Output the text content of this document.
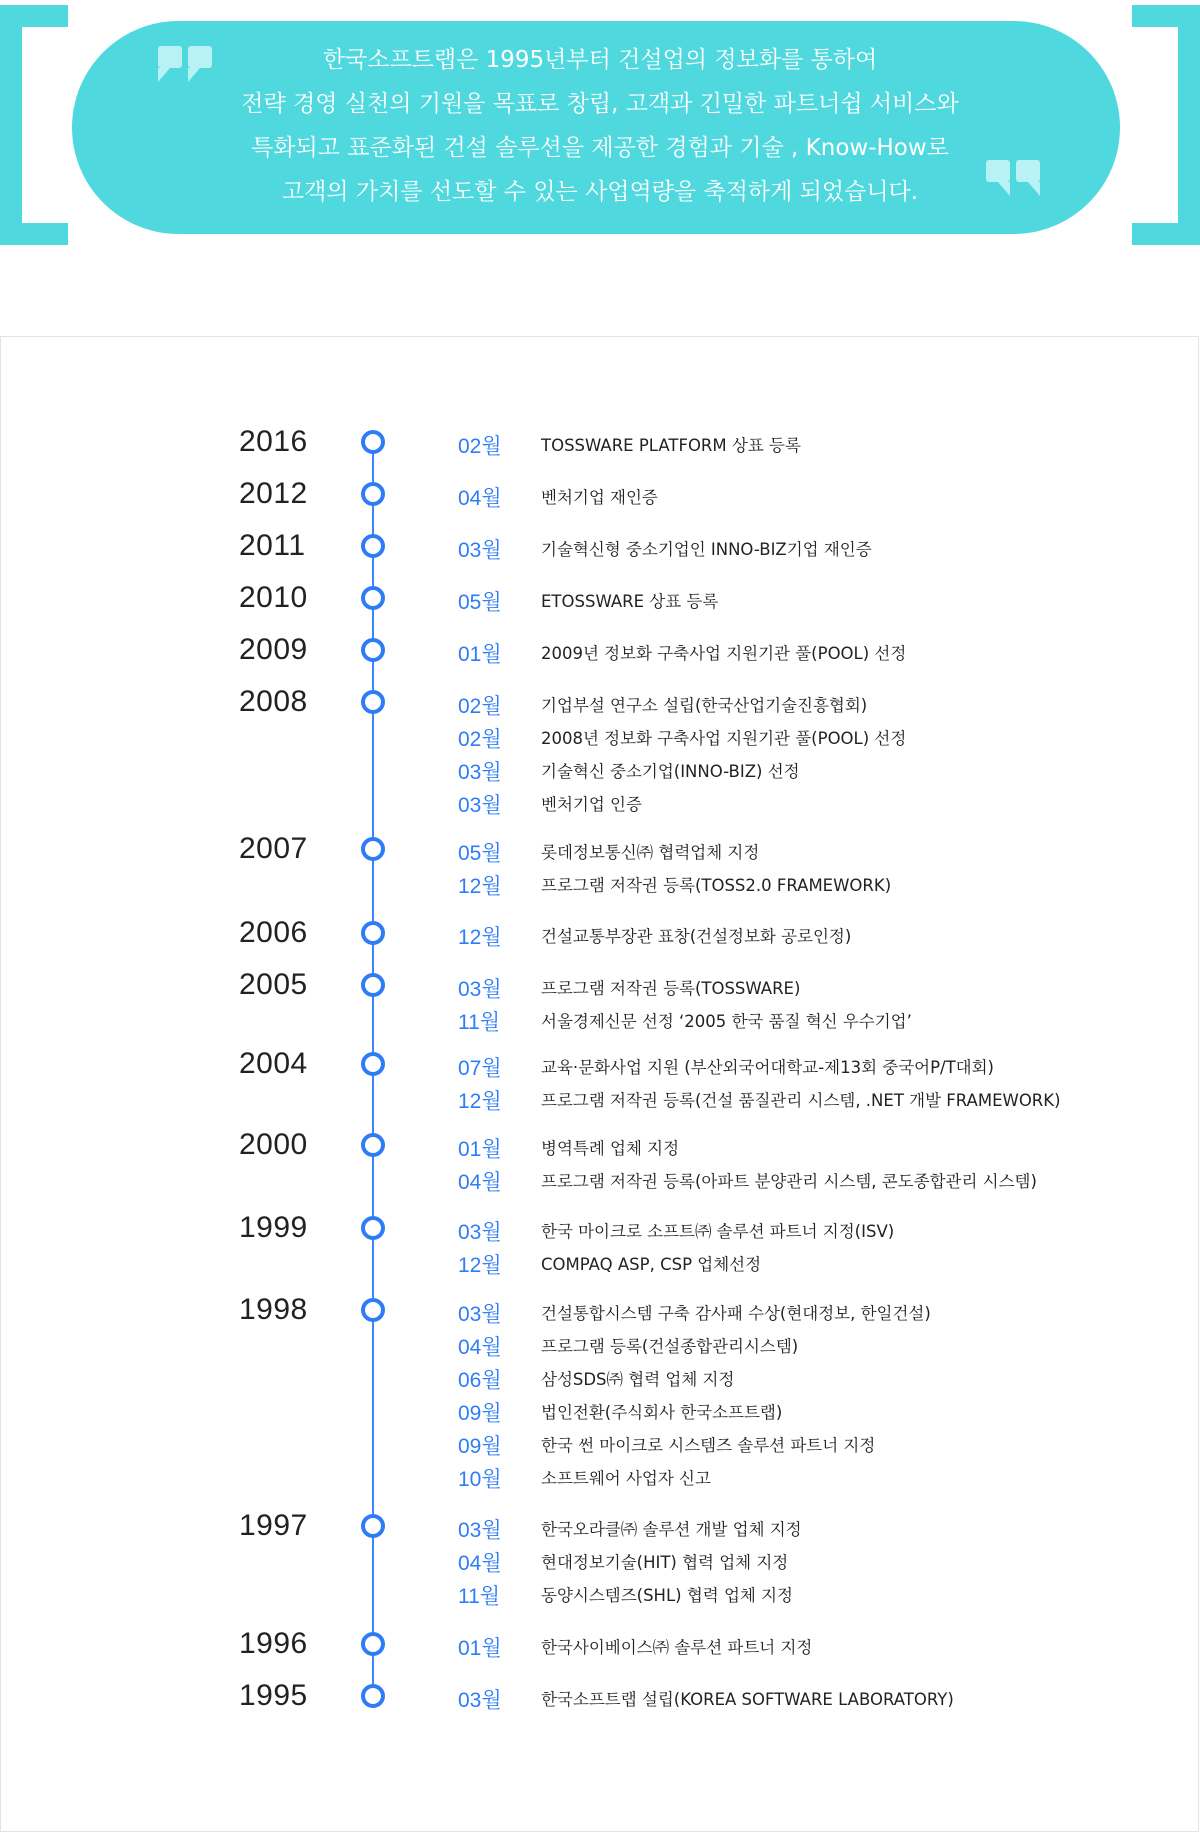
한국소프트랩은 1995년부터 건설업의 정보화를 통하여
전략 경영 실천의 기원을 목표로 창립, 고객과 긴밀한 파트너쉽 서비스와
특화되고 표준화된 건설 솔루션을 제공한 경험과 기술 , Know-How로
고객의 가치를 선도할 수 있는 사업역량을 축적하게 되었습니다.
2016	02월 TOSSWARE PLATFORM 상표 등록
2012	04월 벤처기업 재인증
2011	03월 기술혁신형 중소기업인 INNO-BIZ기업 재인증
2010	05월 ETOSSWARE 상표 등록
2009	01월 2009년 정보화 구축사업 지원기관 풀(POOL) 선정
2008	02월 기업부설 연구소 설립(한국산업기술진흥협회)
02월 2008년 정보화 구축사업 지원기관 풀(POOL) 선정
03월 기술혁신 중소기업(INNO-BIZ) 선정
03월 벤처기업 인증
2007	05월 롯데정보통신㈜ 협력업체 지정
12월 프로그램 저작권 등록(TOSS2.0 FRAMEWORK)
2006	12월 건설교통부장관 표창(건설정보화 공로인정)
2005	03월 프로그램 저작권 등록(TOSSWARE)
11월 서울경제신문 선정 ‘2005 한국 품질 혁신 우수기업’
2004	07월 교육·문화사업 지원 (부산외국어대학교-제13회 중국어P/T대회)
12월 프로그램 저작권 등록(건설 품질관리 시스템, .NET 개발 FRAMEWORK)
2000	01월 병역특례 업체 지정
04월 프로그램 저작권 등록(아파트 분양관리 시스템, 콘도종합관리 시스템)
1999	03월 한국 마이크로 소프트㈜ 솔루션 파트너 지정(ISV)
12월 COMPAQ ASP, CSP 업체선정
1998	03월 건설통합시스템 구축 감사패 수상(현대정보, 한일건설)
04월 프로그램 등록(건설종합관리시스템)
06월 삼성SDS㈜ 협력 업체 지정
09월 법인전환(주식회사 한국소프트랩)
09월 한국 썬 마이크로 시스템즈 솔루션 파트너 지정
10월 소프트웨어 사업자 신고
1997	03월 한국오라클㈜ 솔루션 개발 업체 지정
04월 현대정보기술(HIT) 협력 업체 지정
11월 동양시스템즈(SHL) 협력 업체 지정
1996	01월 한국사이베이스㈜ 솔루션 파트너 지정
1995	03월 한국소프트랩 설립(KOREA SOFTWARE LABORATORY)
